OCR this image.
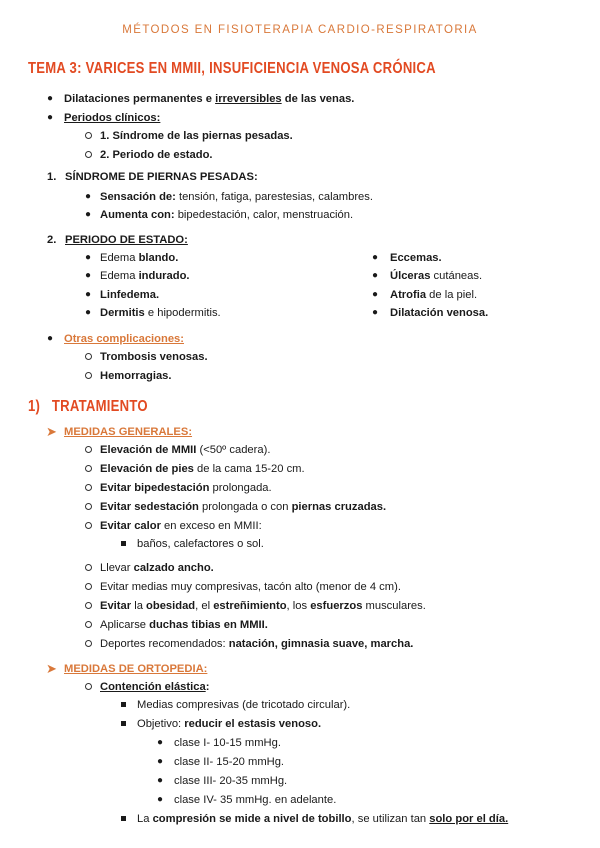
MÉTODOS EN FISIOTERAPIA CARDIO-RESPIRATORIA
TEMA 3: VARICES EN MMII, INSUFICIENCIA VENOSA CRÓNICA
● Dilataciones permanentes e irreversibles de las venas.
● Periodos clínicos:
1. Síndrome de las piernas pesadas.
2. Periodo de estado.
1. SÍNDROME DE PIERNAS PESADAS:
● Sensación de: tensión, fatiga, parestesias, calambres.
● Aumenta con: bipedestación, calor, menstruación.
2. PERIODO DE ESTADO:
● Edema blando.
● Edema indurado.
● Linfedema.
● Dermitis e hipodermitis.
● Eccemas.
● Úlceras cutáneas.
● Atrofia de la piel.
● Dilatación venosa.
● Otras complicaciones:
Trombosis venosas.
Hemorragias.
1) TRATAMIENTO
➤ MEDIDAS GENERALES:
Elevación de MMII (<50º cadera).
Elevación de pies de la cama 15-20 cm.
Evitar bipedestación prolongada.
Evitar sedestación prolongada o con piernas cruzadas.
Evitar calor en exceso en MMII:
baños, calefactores o sol.
Llevar calzado ancho.
Evitar medias muy compresivas, tacón alto (menor de 4 cm).
Evitar la obesidad, el estreñimiento, los esfuerzos musculares.
Aplicarse duchas tibias en MMII.
Deportes recomendados: natación, gimnasia suave, marcha.
➤ MEDIDAS DE ORTOPEDIA:
Contención elástica:
Medias compresivas (de tricotado circular).
Objetivo: reducir el estasis venoso.
● clase I- 10-15 mmHg.
● clase II- 15-20 mmHg.
● clase III- 20-35 mmHg.
● clase IV- 35 mmHg. en adelante.
La compresión se mide a nivel de tobillo, se utilizan tan solo por el día.
